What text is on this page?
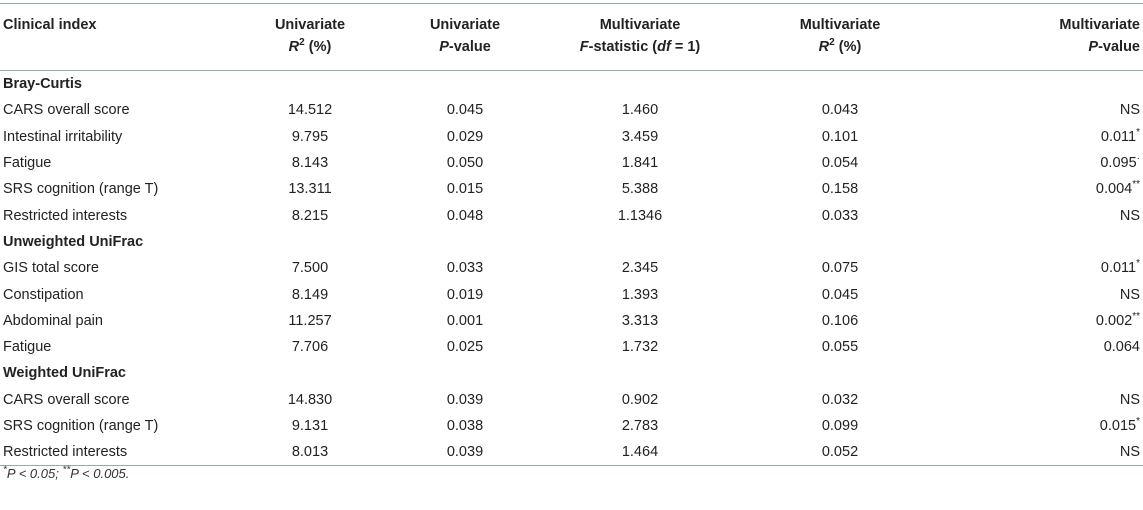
Clinical index	Univariate	Univariate	Multivariate	Multivariate	Multivariate
	$R^2$ (%)	P-value	F-statistic (df = 1)	$R^2$ (%)	P-value
Bray-Curtis					
CARS overall score	14.512	0.045	1.460	0.043	NS
Intestinal irritability	9.795	0.029	3.459	0.101	0.011*
Fatigue	8.143	0.050	1.841	0.054	0.095·
SRS cognition (range T)	13.311	0.015	5.388	0.158	0.004**
Restricted interests	8.215	0.048	1.1346	0.033	NS
Unweighted UniFrac					
GIS total score	7.500	0.033	2.345	0.075	0.011*
Constipation	8.149	0.019	1.393	0.045	NS
Abdominal pain	11.257	0.001	3.313	0.106	0.002**
Fatigue	7.706	0.025	1.732	0.055	0.064
Weighted UniFrac					
CARS overall score	14.830	0.039	0.902	0.032	NS
SRS cognition (range T)	9.131	0.038	2.783	0.099	0.015*
Restricted interests	8.013	0.039	1.464	0.052	NS
*P < 0.05; **P < 0.005.
